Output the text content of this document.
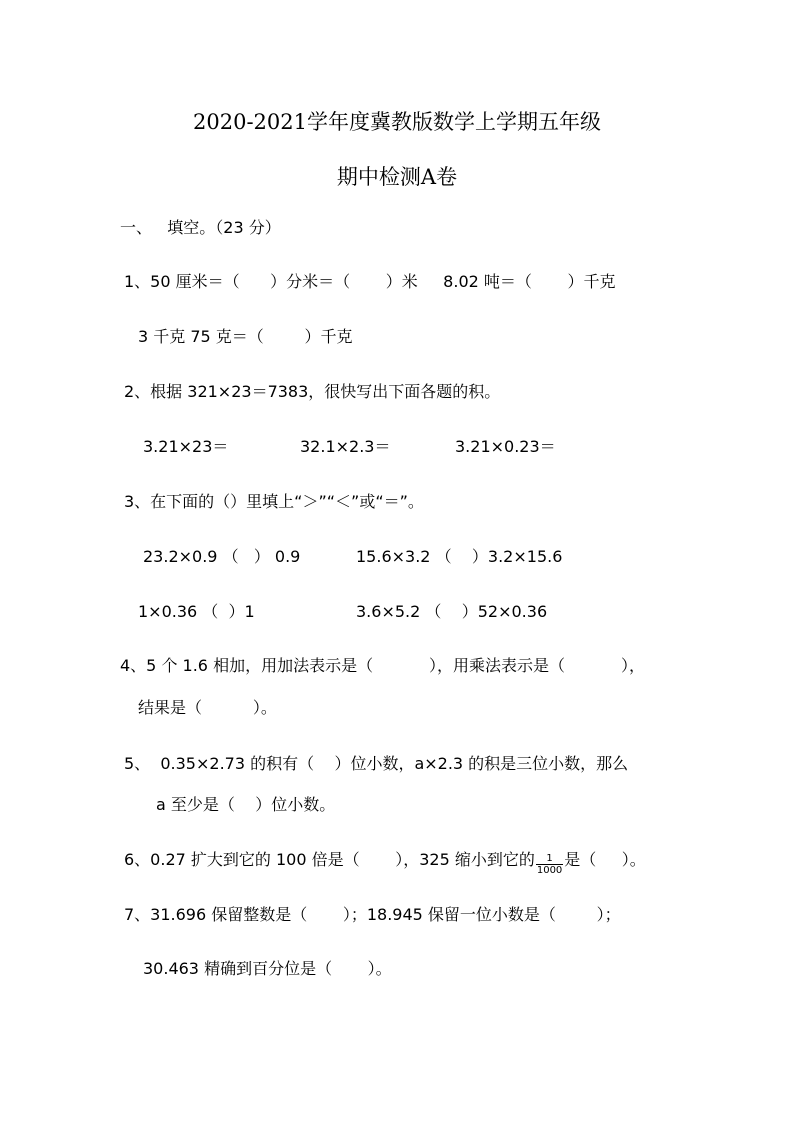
2020-2021学年度冀教版数学上学期五年级
期中检测A卷
一、   填空。（23 分）
1、50 厘米＝（      ）分米＝（       ）米     8.02 吨＝（       ）千克
3 千克 75 克＝（        ）千克
2、根据 321×23＝7383，很快写出下面各题的积。
3.21×23＝	32.1×2.3＝	3.21×0.23＝
3、在下面的（）里填上“＞”“＜”或“＝”。
23.2×0.9 （   ） 0.9	15.6×3.2 （    ）3.2×15.6
1×0.36 （  ）1	3.6×5.2 （    ）52×0.36
4、5 个 1.6 相加，用加法表示是（           ），用乘法表示是（           ），
结果是（          ）。
5、  0.35×2.73 的积有（    ）位小数，a×2.3 的积是三位小数，那么
a 至少是（    ）位小数。
6、0.27 扩大到它的 100 倍是（       ），325 缩小到它的 $\frac{1}{1000}$ 是（     ）。
7、31.696 保留整数是（       ）；18.945 保留一位小数是（        ）；
30.463 精确到百分位是（       ）。
